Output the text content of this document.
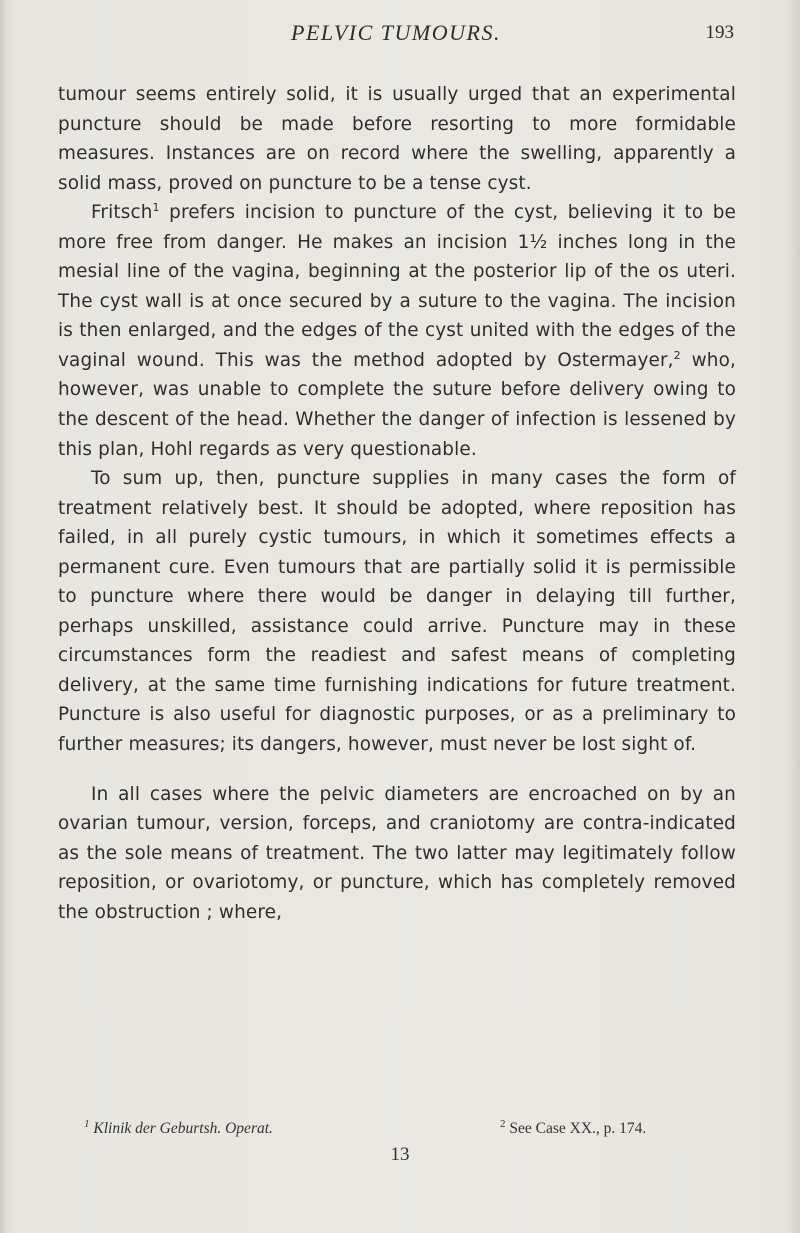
PELVIC TUMOURS.	193

tumour seems entirely solid, it is usually urged that an experimental puncture should be made before resorting to more formidable measures. Instances are on record where the swelling, apparently a solid mass, proved on puncture to be a tense cyst.

Fritsch$^1$ prefers incision to puncture of the cyst, believing it to be more free from danger. He makes an incision 1½ inches long in the mesial line of the vagina, beginning at the posterior lip of the os uteri. The cyst wall is at once secured by a suture to the vagina. The incision is then enlarged, and the edges of the cyst united with the edges of the vaginal wound. This was the method adopted by Ostermayer,$^2$ who, however, was unable to complete the suture before delivery owing to the descent of the head. Whether the danger of infection is lessened by this plan, Hohl regards as very questionable.

To sum up, then, puncture supplies in many cases the form of treatment relatively best. It should be adopted, where reposition has failed, in all purely cystic tumours, in which it sometimes effects a permanent cure. Even tumours that are partially solid it is permissible to puncture where there would be danger in delaying till further, perhaps unskilled, assistance could arrive. Puncture may in these circumstances form the readiest and safest means of completing delivery, at the same time furnishing indications for future treatment. Puncture is also useful for diagnostic purposes, or as a preliminary to further measures; its dangers, however, must never be lost sight of.

In all cases where the pelvic diameters are encroached on by an ovarian tumour, version, forceps, and craniotomy are contra-indicated as the sole means of treatment. The two latter may legitimately follow reposition, or ovariotomy, or puncture, which has completely removed the obstruction ; where,

$^1$ Klinik der Geburtsh. Operat.	$^2$ See Case XX., p. 174.
13
